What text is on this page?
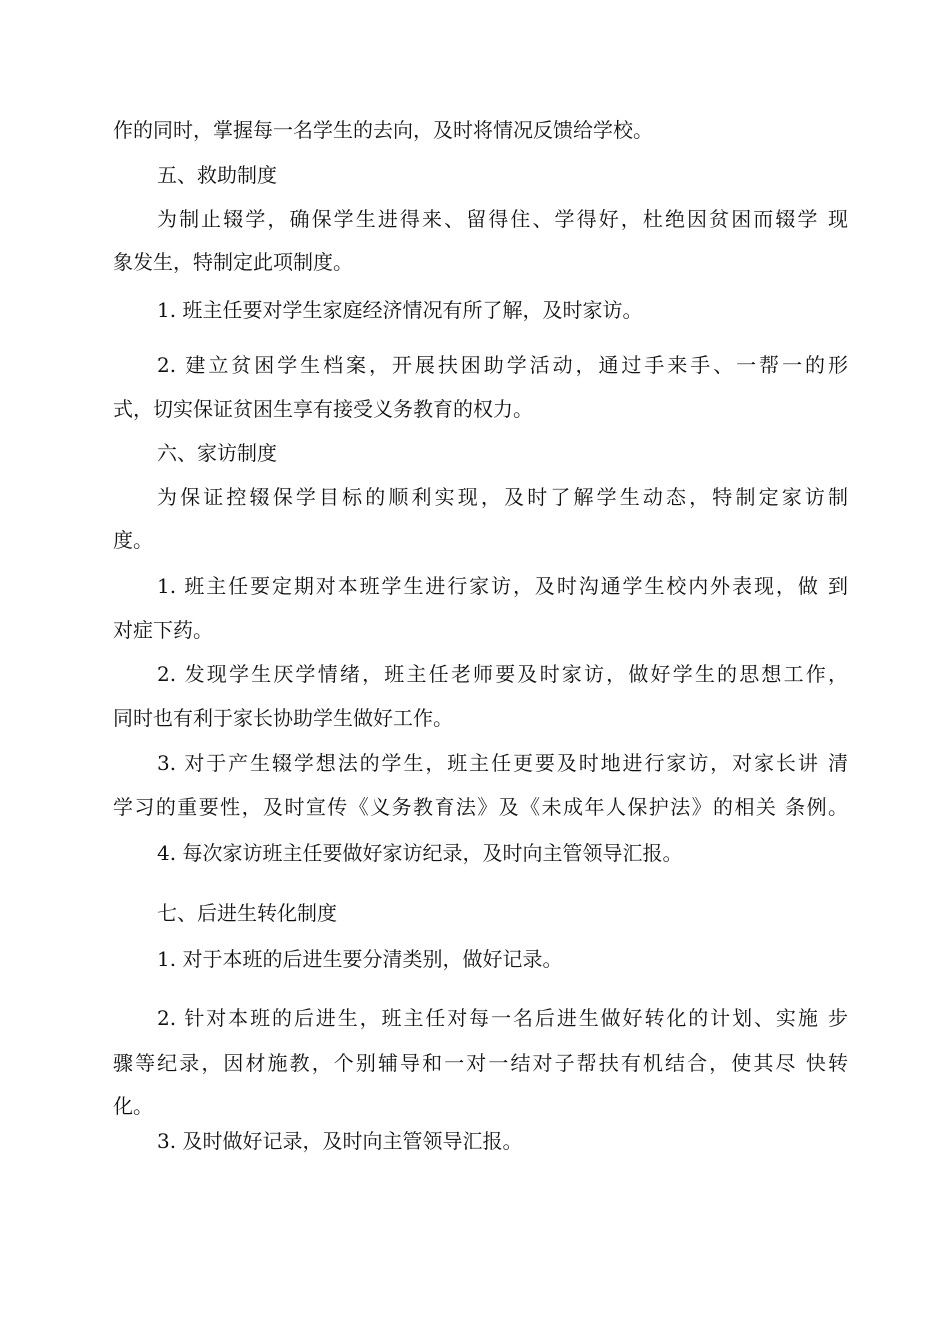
作的同时，掌握每一名学生的去向，及时将情况反馈给学校。
五、救助制度
为制止辍学，确保学生进得来、留得住、学得好，杜绝因贫困而辍学 现
象发生，特制定此项制度。
1. 班主任要对学生家庭经济情况有所了解，及时家访。
2. 建立贫困学生档案，开展扶困助学活动，通过手来手、一帮一的形
式，切实保证贫困生享有接受义务教育的权力。
六、家访制度
为保证控辍保学目标的顺利实现，及时了解学生动态，特制定家访制
度。
1. 班主任要定期对本班学生进行家访，及时沟通学生校内外表现，做 到
对症下药。
2. 发现学生厌学情绪，班主任老师要及时家访，做好学生的思想工作，
同时也有利于家长协助学生做好工作。
3. 对于产生辍学想法的学生，班主任更要及时地进行家访，对家长讲 清
学习的重要性，及时宣传《义务教育法》及《未成年人保护法》的相关 条例。
4. 每次家访班主任要做好家访纪录，及时向主管领导汇报。
七、后进生转化制度
1. 对于本班的后进生要分清类别，做好记录。
2. 针对本班的后进生，班主任对每一名后进生做好转化的计划、实施 步
骤等纪录，因材施教，个别辅导和一对一结对子帮扶有机结合，使其尽 快转
化。
3. 及时做好记录，及时向主管领导汇报。
